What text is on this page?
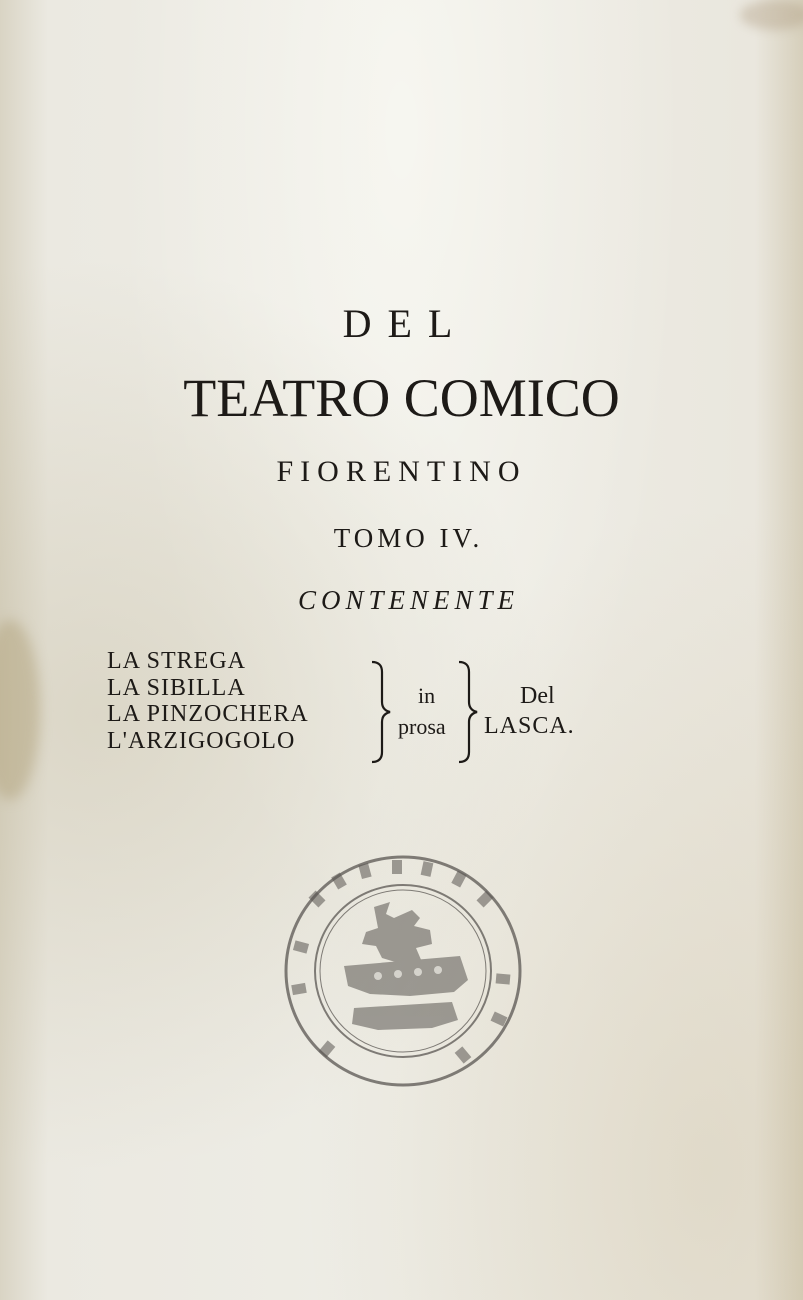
DEL
TEATRO COMICO
FIORENTINO
TOMO IV.
CONTENENTE
LA STREGA
LA SIBILLA
LA PINZOCHERA
L'ARZIGOGOLO
in
prosa
Del
LASCA.
